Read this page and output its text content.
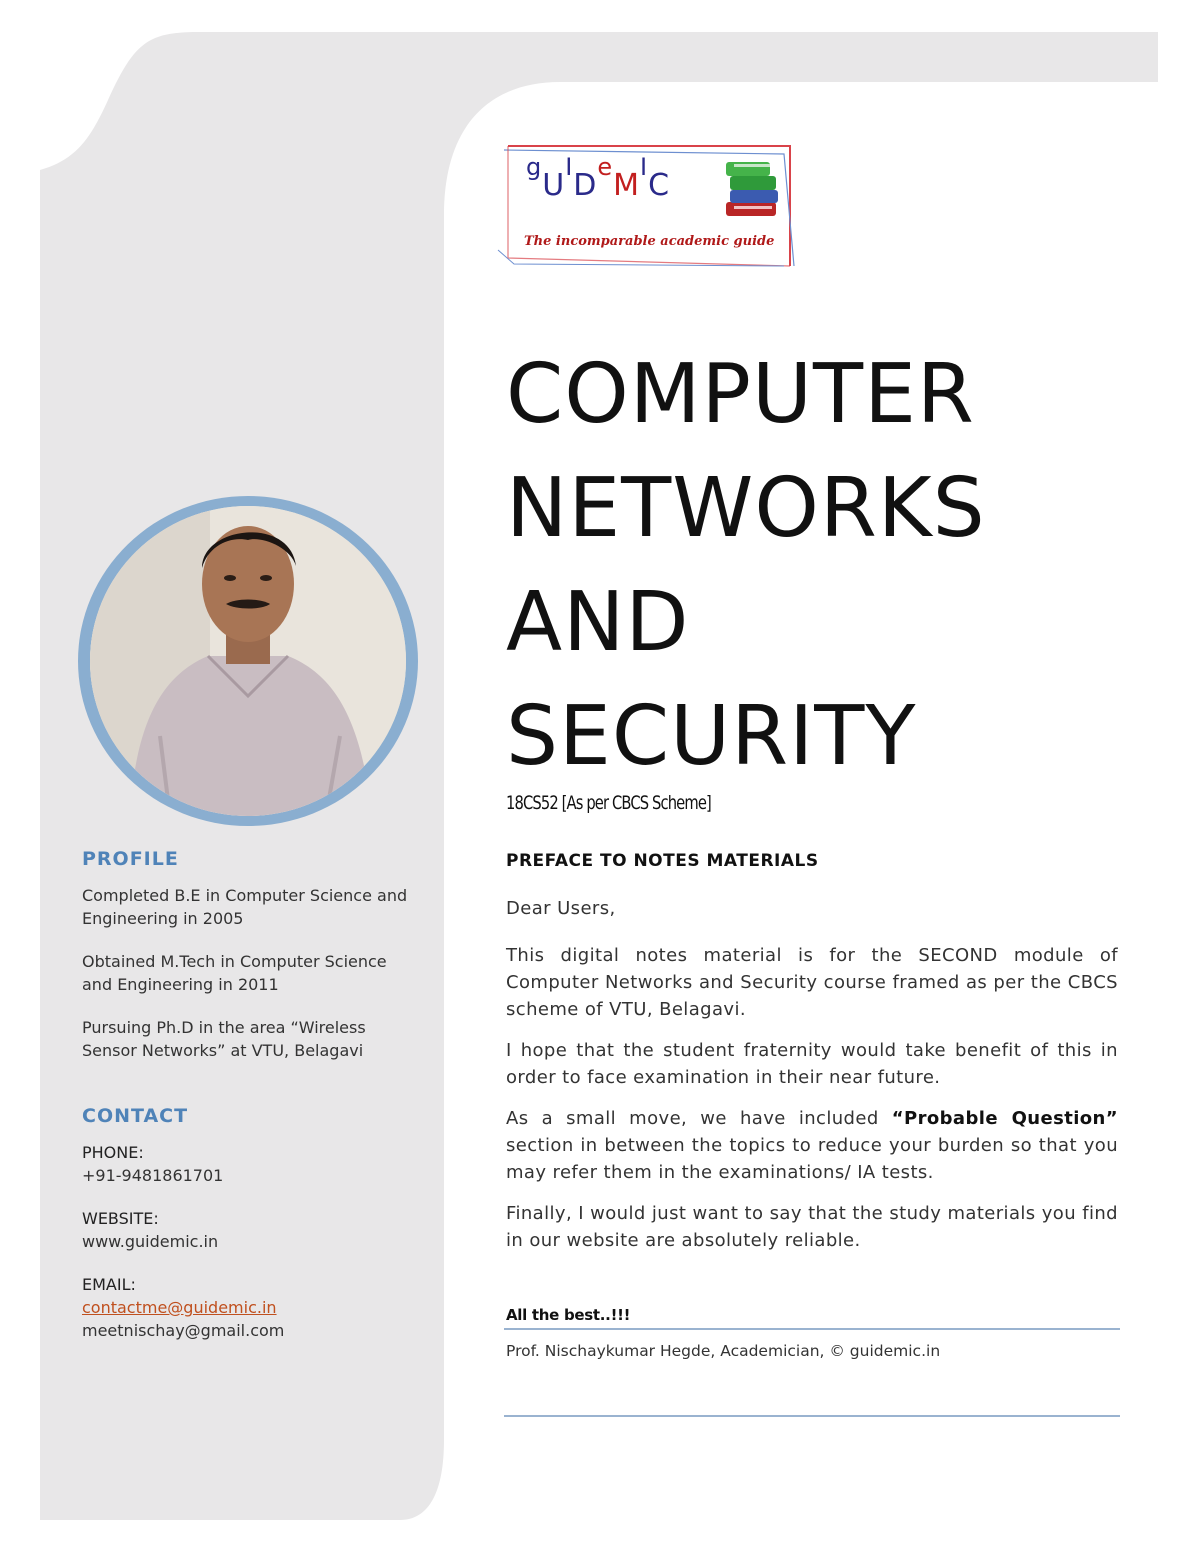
gUIDeMIC
The incomparable academic guide
COMPUTER
NETWORKS
AND
SECURITY
18CS52 [As per CBCS Scheme]

PREFACE TO NOTES MATERIALS

Dear Users,

This digital notes material is for the SECOND module of Computer Networks and Security course framed as per the CBCS scheme of VTU, Belagavi.

I hope that the student fraternity would take benefit of this in order to face examination in their near future.

As a small move, we have included “Probable Question” section in between the topics to reduce your burden so that you may refer them in the examinations/ IA tests.

Finally, I would just want to say that the study materials you find in our website are absolutely reliable.

All the best..!!!
Prof. Nischaykumar Hegde, Academician, © guidemic.in
PROFILE

Completed B.E in Computer Science and Engineering in 2005

Obtained M.Tech in Computer Science and Engineering in 2011

Pursuing Ph.D in the area “Wireless Sensor Networks” at VTU, Belagavi

CONTACT
PHONE:
+91-9481861701
WEBSITE:
www.guidemic.in
EMAIL:
contactme@guidemic.in
meetnischay@gmail.com
